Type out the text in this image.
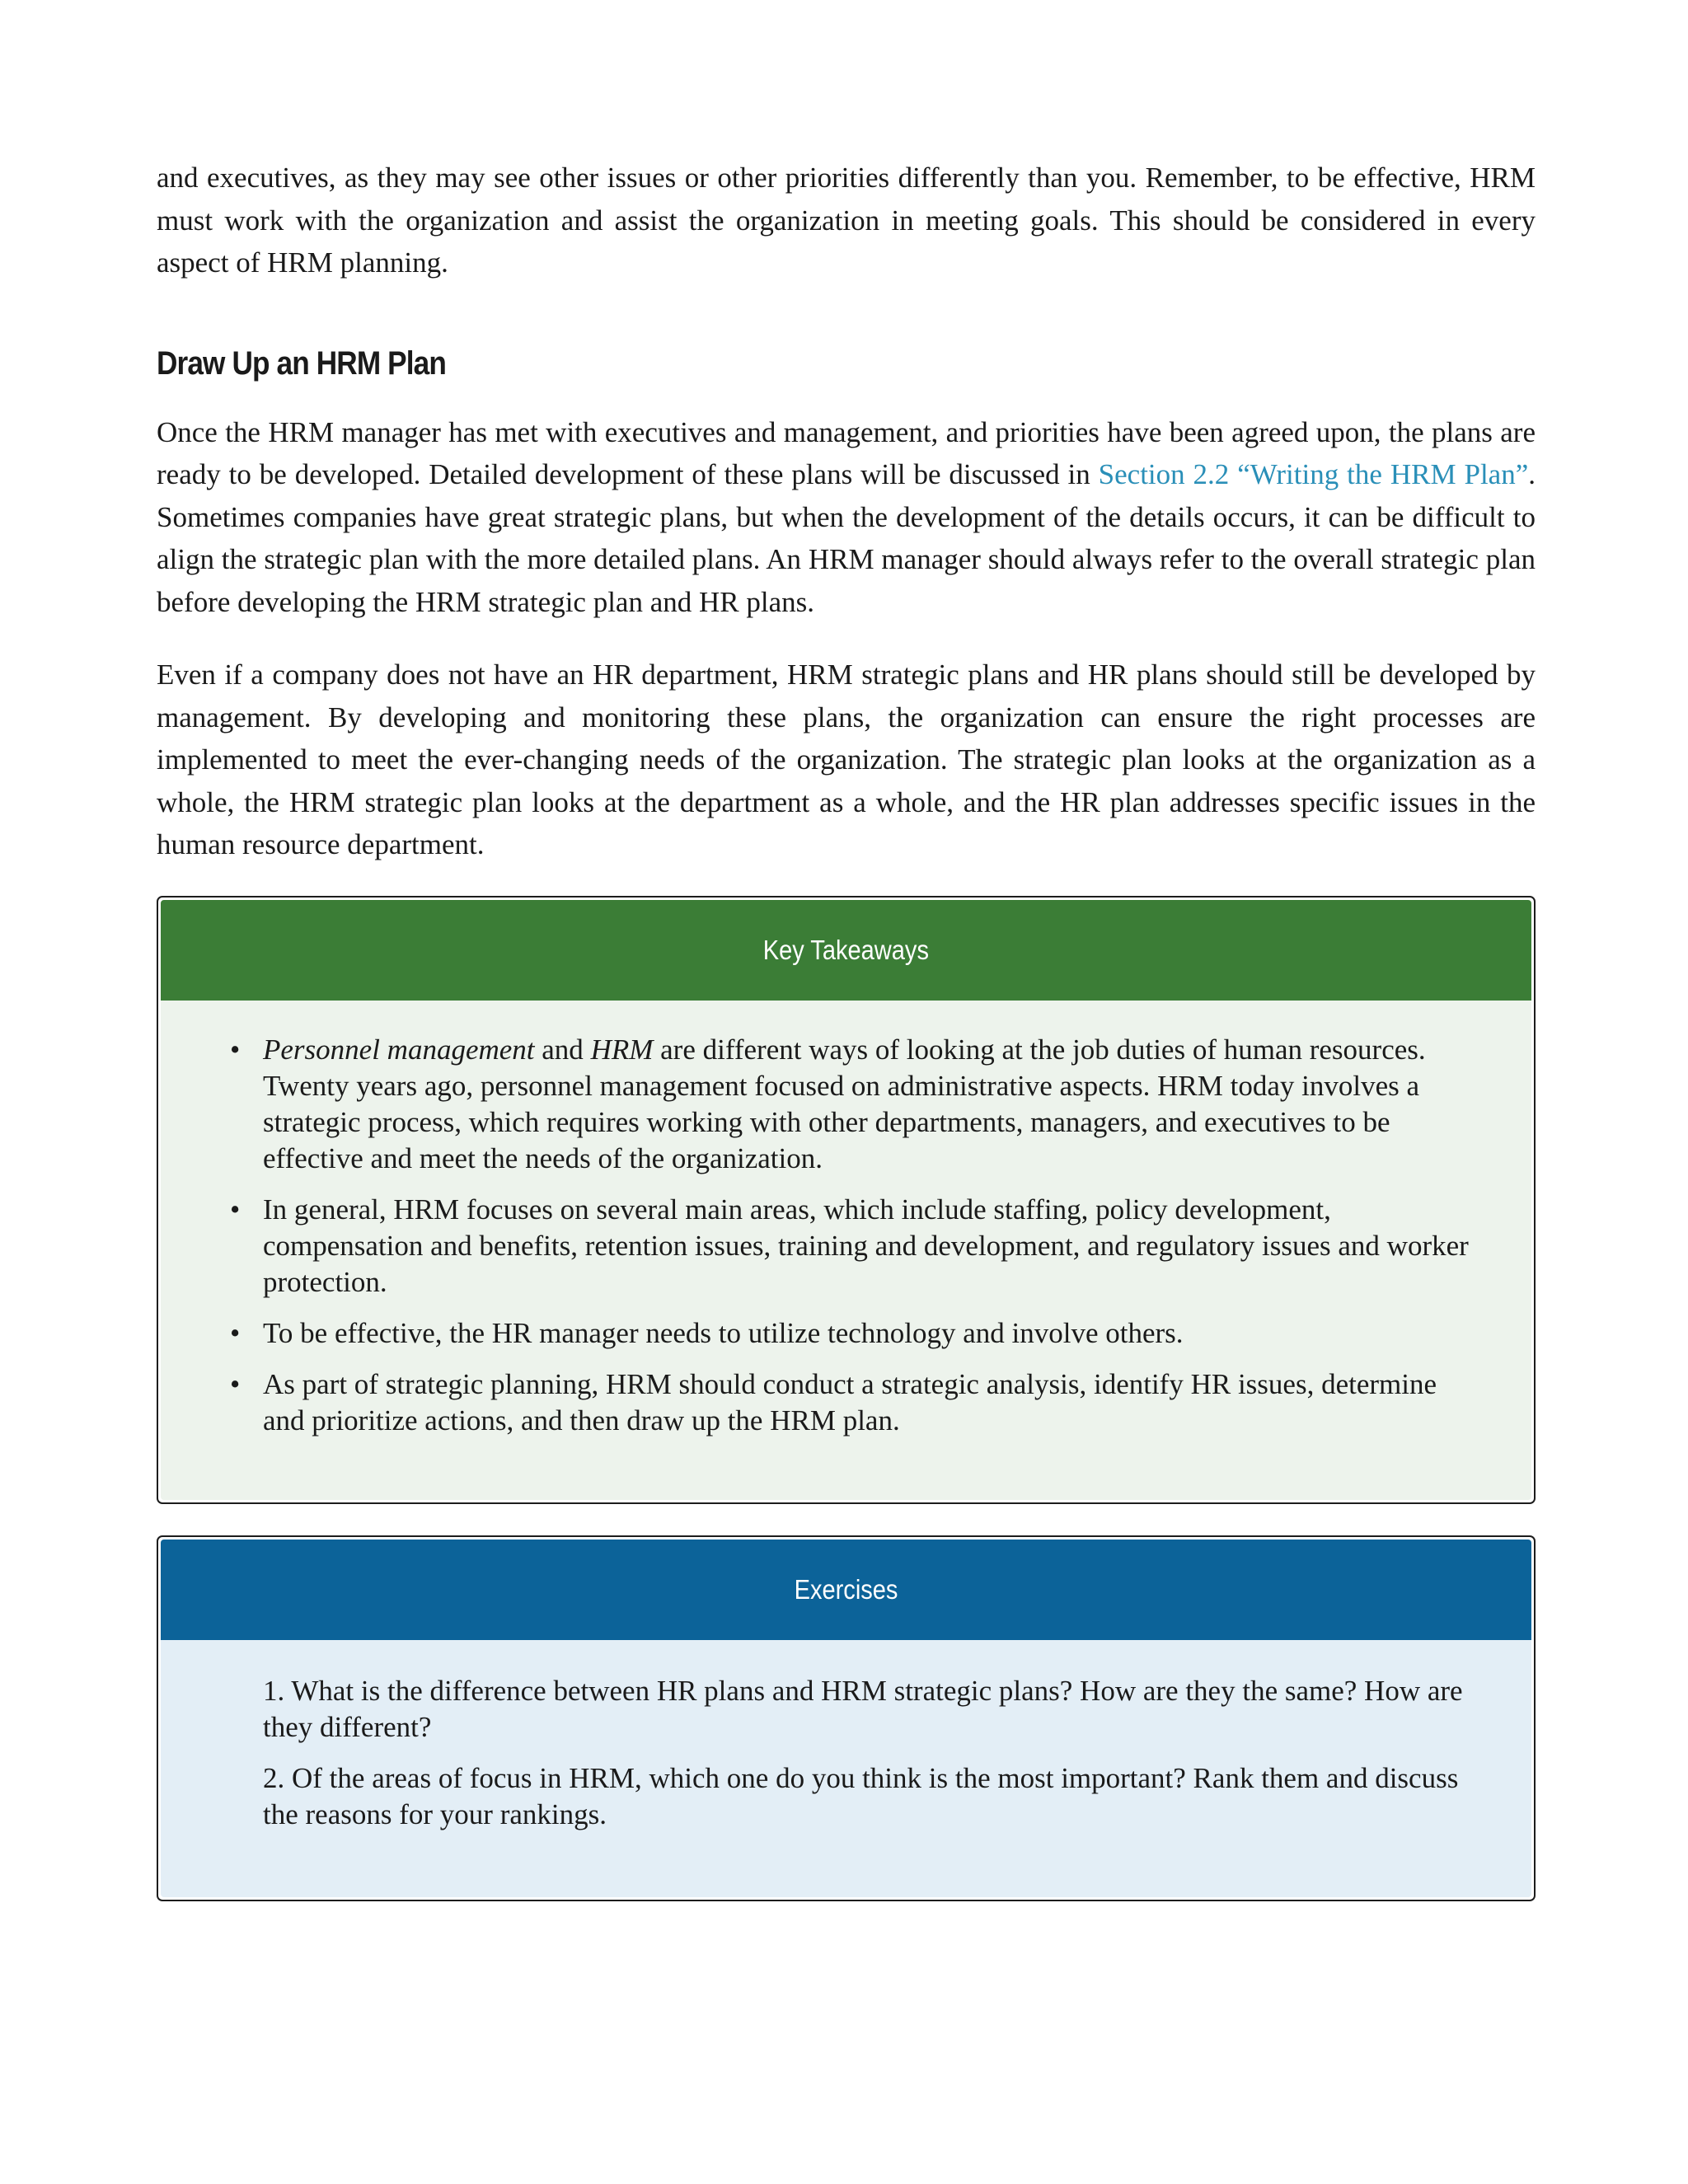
and executives, as they may see other issues or other priorities differently than you. Remember, to be effective, HRM must work with the organization and assist the organization in meeting goals. This should be considered in every aspect of HRM planning.

Draw Up an HRM Plan

Once the HRM manager has met with executives and management, and priorities have been agreed upon, the plans are ready to be developed. Detailed development of these plans will be discussed in Section 2.2 “Writing the HRM Plan”. Sometimes companies have great strategic plans, but when the development of the details occurs, it can be difficult to align the strategic plan with the more detailed plans. An HRM manager should always refer to the overall strategic plan before developing the HRM strategic plan and HR plans.

Even if a company does not have an HR department, HRM strategic plans and HR plans should still be developed by management. By developing and monitoring these plans, the organization can ensure the right processes are implemented to meet the ever-changing needs of the organization. The strategic plan looks at the organization as a whole, the HRM strategic plan looks at the department as a whole, and the HR plan addresses specific issues in the human resource department.

Key Takeaways
• Personnel management and HRM are different ways of looking at the job duties of human resources. Twenty years ago, personnel management focused on administrative aspects. HRM today involves a strategic process, which requires working with other departments, managers, and executives to be effective and meet the needs of the organization.
• In general, HRM focuses on several main areas, which include staffing, policy development, compensation and benefits, retention issues, training and development, and regulatory issues and worker protection.
• To be effective, the HR manager needs to utilize technology and involve others.
• As part of strategic planning, HRM should conduct a strategic analysis, identify HR issues, determine and prioritize actions, and then draw up the HRM plan.
Exercises
1. What is the difference between HR plans and HRM strategic plans? How are they the same? How are they different?
2. Of the areas of focus in HRM, which one do you think is the most important? Rank them and discuss the reasons for your rankings.
